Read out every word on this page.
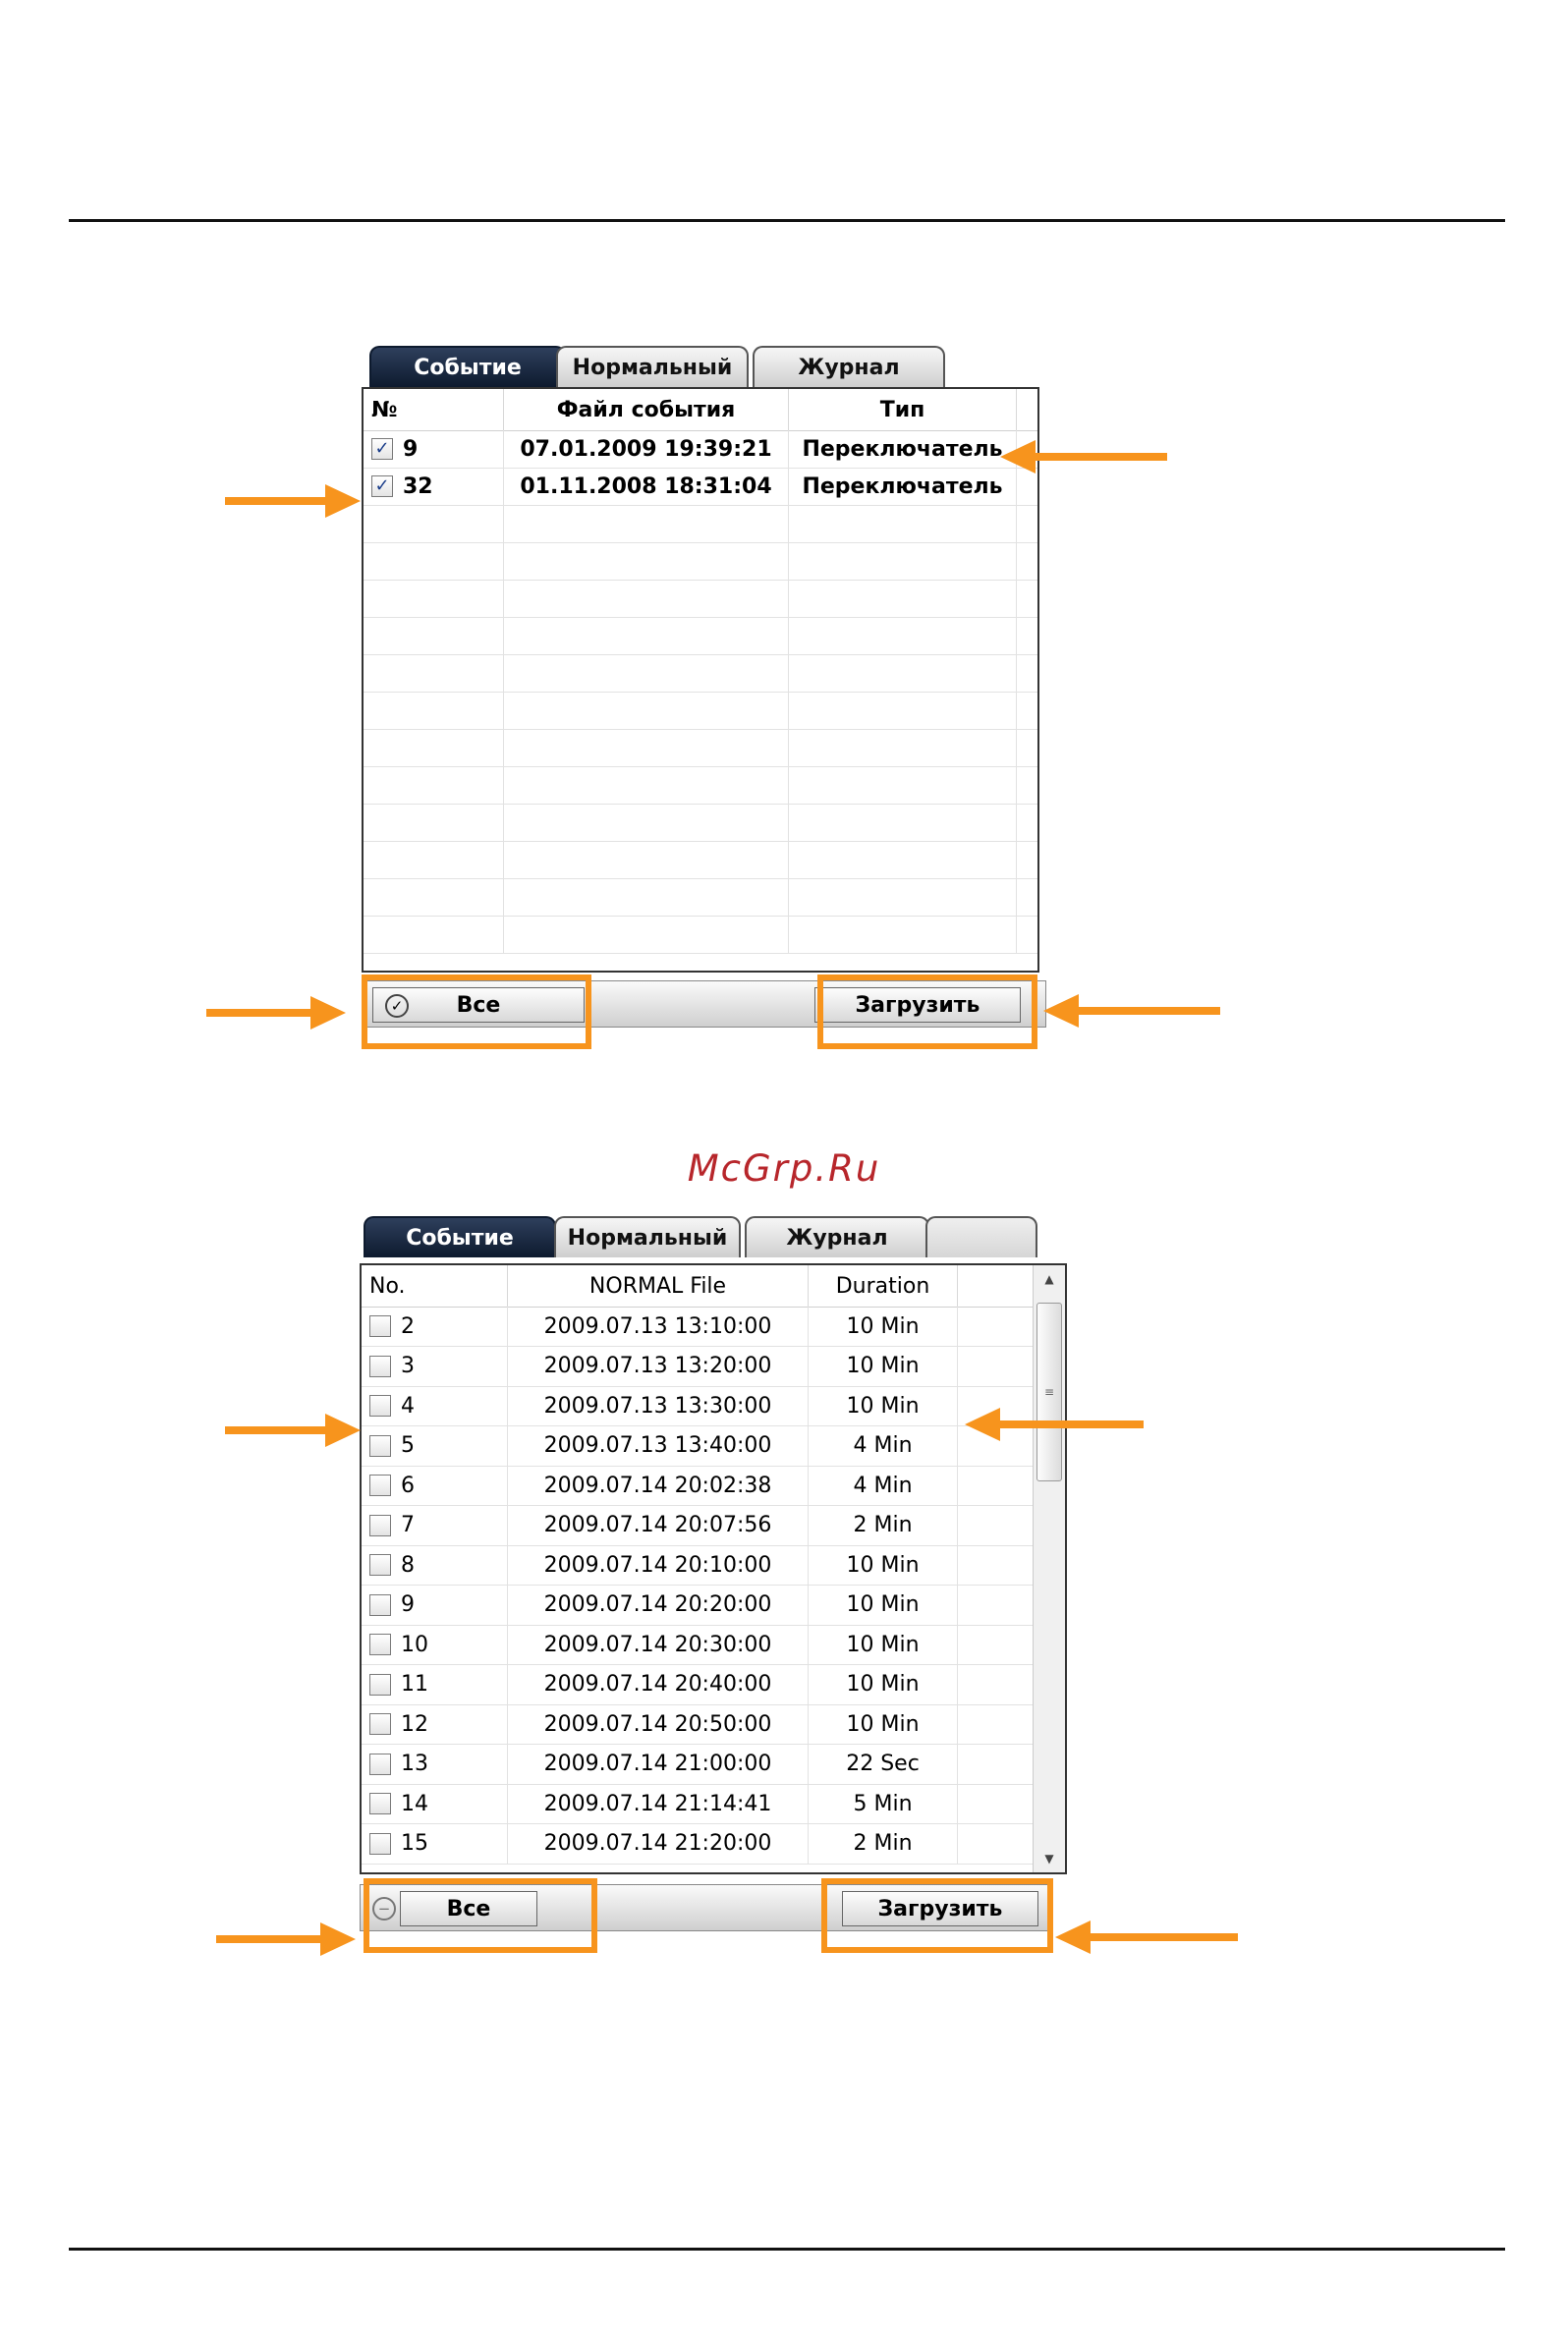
Событие	Нормальный	Журнал
№	Файл события	Тип
✓ 9	07.01.2009 19:39:21	Переключатель
✓ 32	01.11.2008 18:31:04	Переключатель
✓ Все	Загрузить
McGrp.Ru
Событие	Нормальный	Журнал
No.	NORMAL File	Duration
2	2009.07.13 13:10:00	10 Min
3	2009.07.13 13:20:00	10 Min
4	2009.07.13 13:30:00	10 Min
5	2009.07.13 13:40:00	4 Min
6	2009.07.14 20:02:38	4 Min
7	2009.07.14 20:07:56	2 Min
8	2009.07.14 20:10:00	10 Min
9	2009.07.14 20:20:00	10 Min
10	2009.07.14 20:30:00	10 Min
11	2009.07.14 20:40:00	10 Min
12	2009.07.14 20:50:00	10 Min
13	2009.07.14 21:00:00	22 Sec
14	2009.07.14 21:14:41	5 Min
15	2009.07.14 21:20:00	2 Min
▲
≡
▼
Все
−	Загрузить
